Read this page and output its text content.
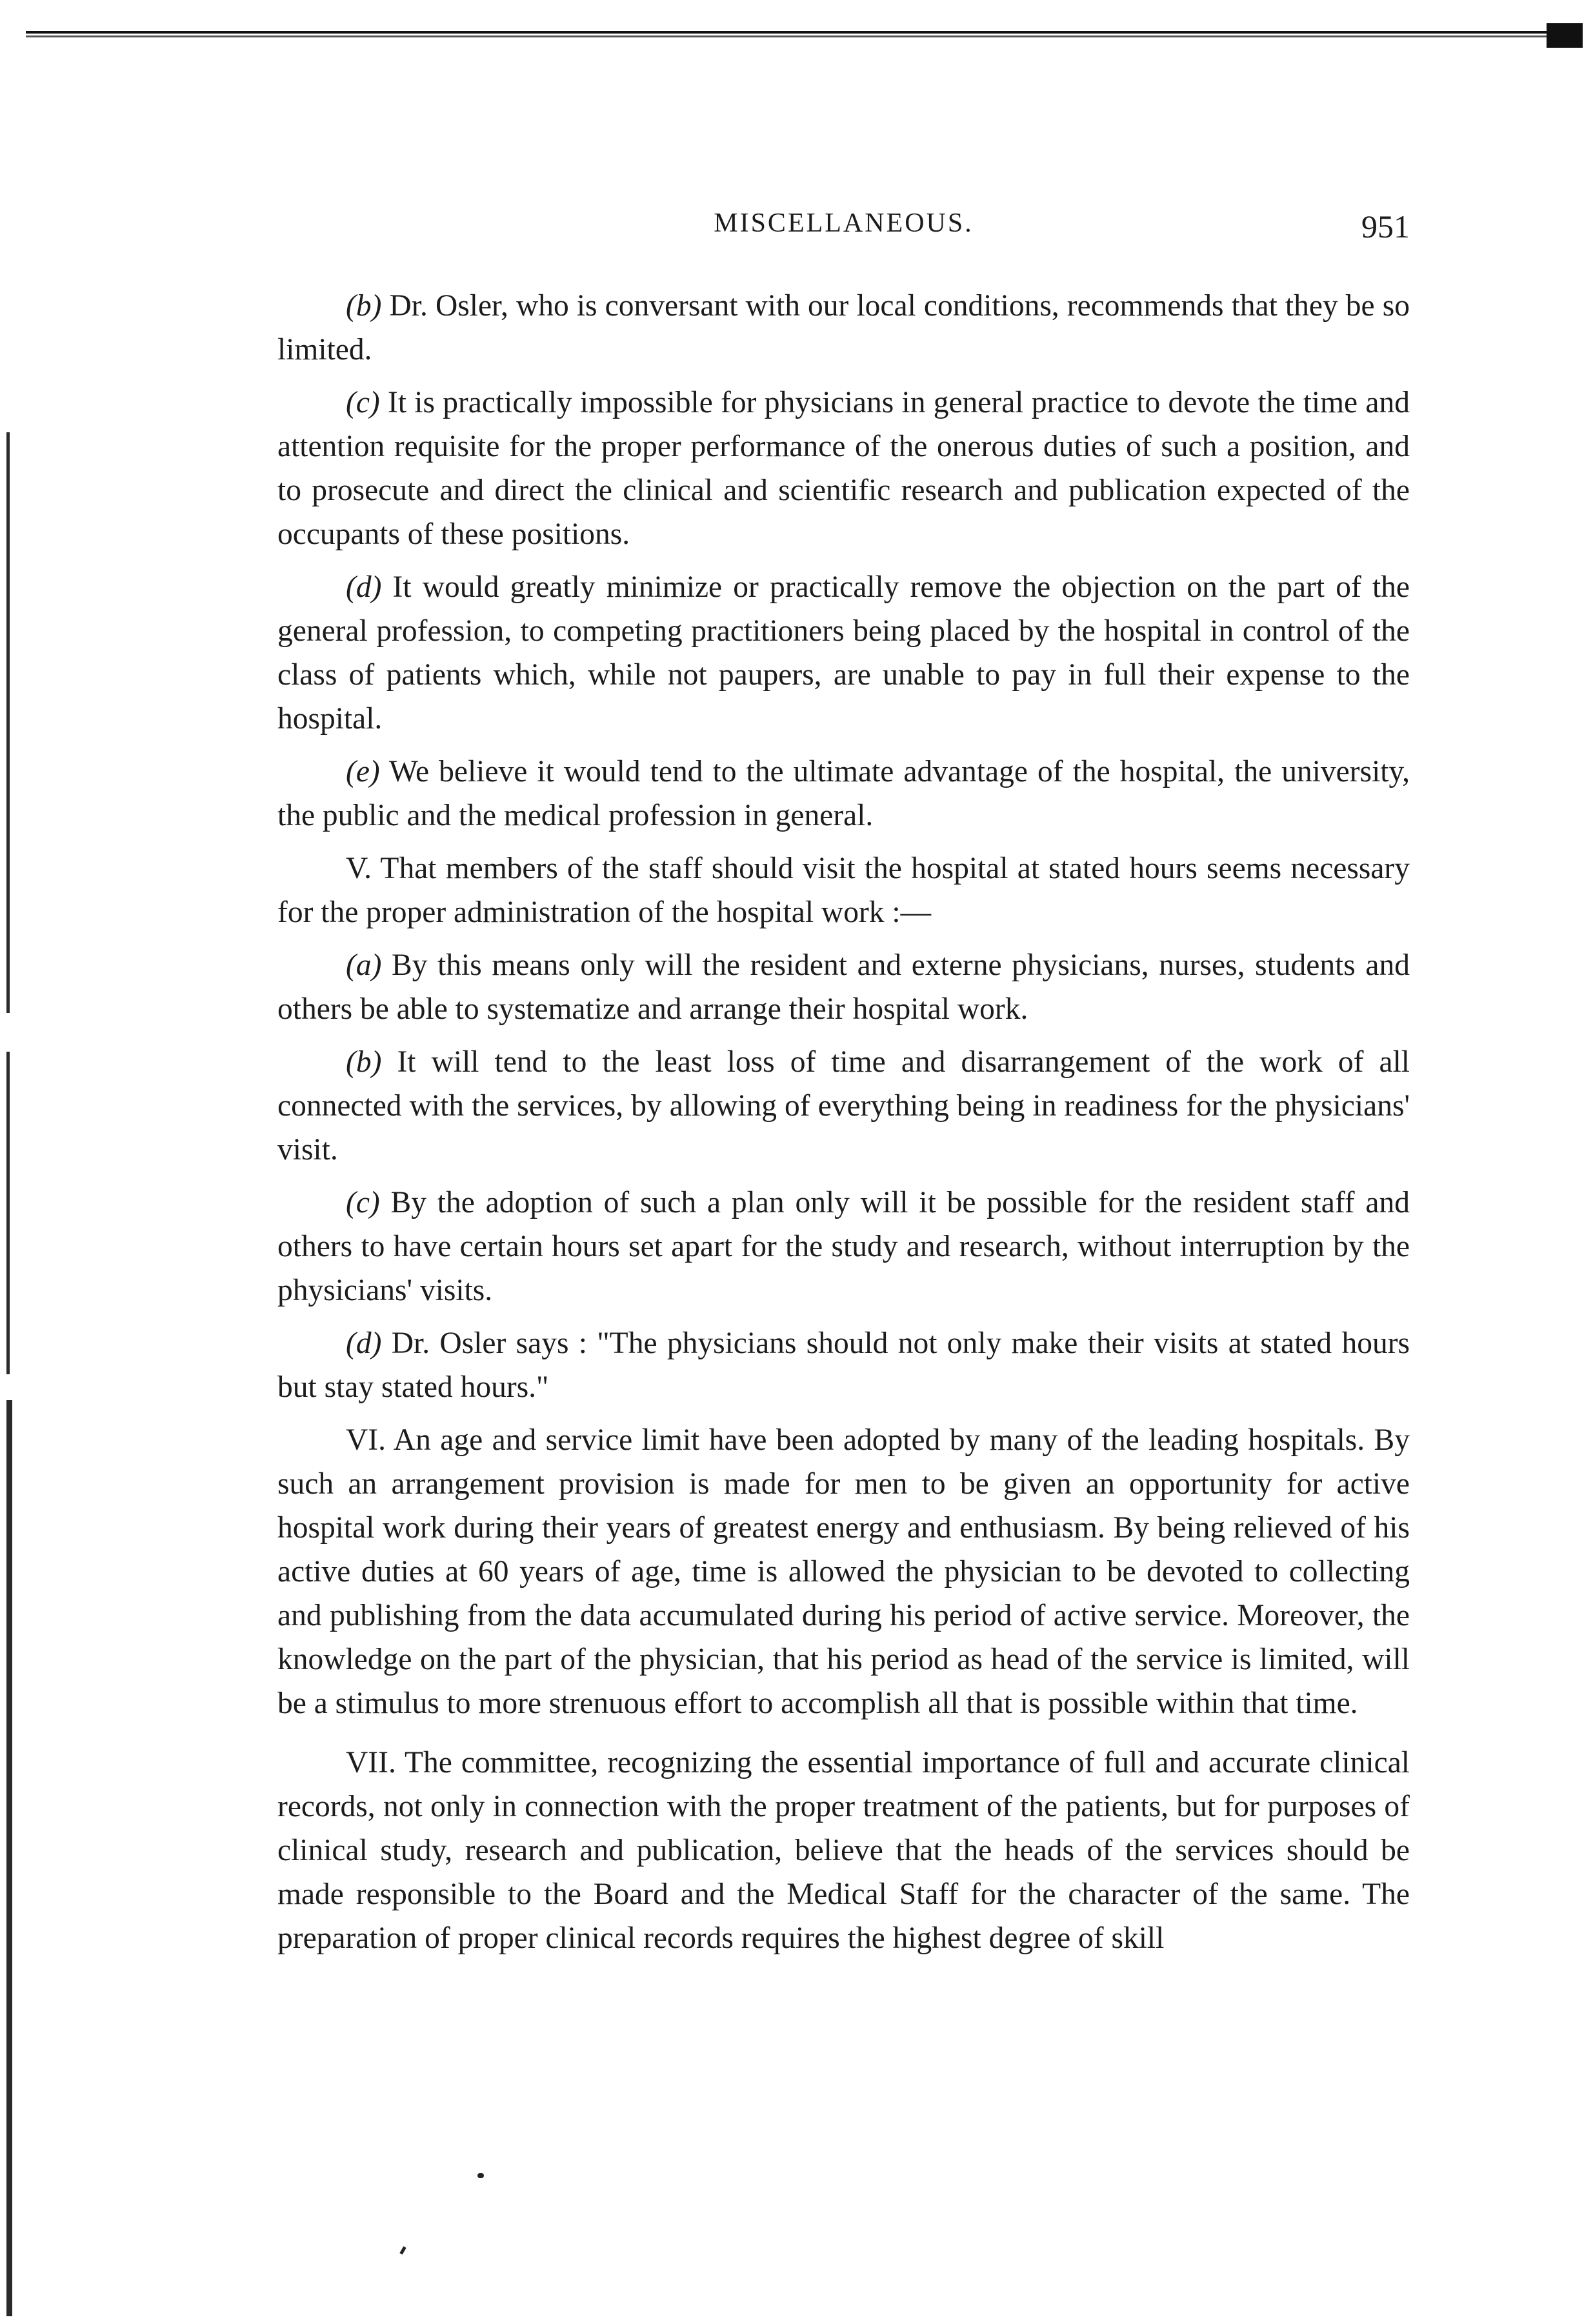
MISCELLANEOUS.	951

(b) Dr. Osler, who is conversant with our local conditions, recommends that they be so limited.

(c) It is practically impossible for physicians in general practice to devote the time and attention requisite for the proper performance of the onerous duties of such a position, and to prosecute and direct the clinical and scientific research and publication expected of the occupants of these positions.

(d) It would greatly minimize or practically remove the objection on the part of the general profession, to competing practitioners being placed by the hospital in control of the class of patients which, while not paupers, are unable to pay in full their expense to the hospital.

(e) We believe it would tend to the ultimate advantage of the hospital, the university, the public and the medical profession in general.

V. That members of the staff should visit the hospital at stated hours seems necessary for the proper administration of the hospital work :—

(a) By this means only will the resident and externe physicians, nurses, students and others be able to systematize and arrange their hospital work.

(b) It will tend to the least loss of time and disarrangement of the work of all connected with the services, by allowing of everything being in readiness for the physicians' visit.

(c) By the adoption of such a plan only will it be possible for the resident staff and others to have certain hours set apart for the study and research, without interruption by the physicians' visits.

(d) Dr. Osler says : "The physicians should not only make their visits at stated hours but stay stated hours."

VI. An age and service limit have been adopted by many of the leading hospitals. By such an arrangement provision is made for men to be given an opportunity for active hospital work during their years of greatest energy and enthusiasm. By being relieved of his active duties at 60 years of age, time is allowed the physician to be devoted to collecting and publishing from the data accumulated during his period of active service. Moreover, the knowledge on the part of the physician, that his period as head of the service is limited, will be a stimulus to more strenuous effort to accomplish all that is possible within that time.

VII. The committee, recognizing the essential importance of full and accurate clinical records, not only in connection with the proper treatment of the patients, but for purposes of clinical study, research and publication, believe that the heads of the services should be made responsible to the Board and the Medical Staff for the character of the same. The preparation of proper clinical records requires the highest degree of skill
